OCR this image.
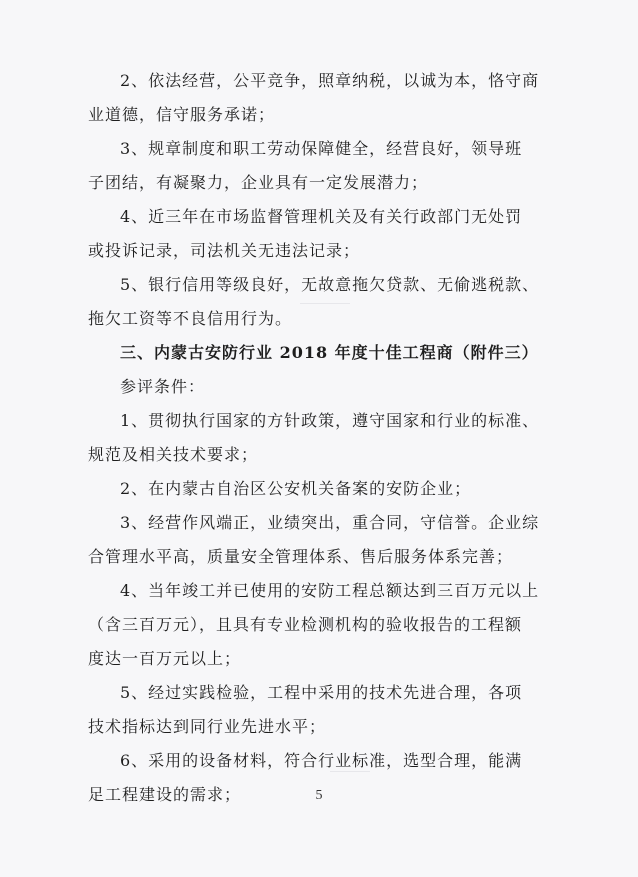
2、依法经营，公平竞争，照章纳税，以诚为本，恪守商
业道德，信守服务承诺；
3、规章制度和职工劳动保障健全，经营良好，领导班
子团结，有凝聚力，企业具有一定发展潜力；
4、近三年在市场监督管理机关及有关行政部门无处罚
或投诉记录，司法机关无违法记录；
5、银行信用等级良好，无故意拖欠贷款、无偷逃税款、
拖欠工资等不良信用行为。
三、内蒙古安防行业 2018 年度十佳工程商（附件三）
参评条件：
1、贯彻执行国家的方针政策，遵守国家和行业的标准、
规范及相关技术要求；
2、在内蒙古自治区公安机关备案的安防企业；
3、经营作风端正，业绩突出，重合同，守信誉。企业综
合管理水平高，质量安全管理体系、售后服务体系完善；
4、当年竣工并已使用的安防工程总额达到三百万元以上
（含三百万元），且具有专业检测机构的验收报告的工程额
度达一百万元以上；
5、经过实践检验，工程中采用的技术先进合理，各项
技术指标达到同行业先进水平；
6、采用的设备材料，符合行业标准，选型合理，能满
足工程建设的需求；	5
